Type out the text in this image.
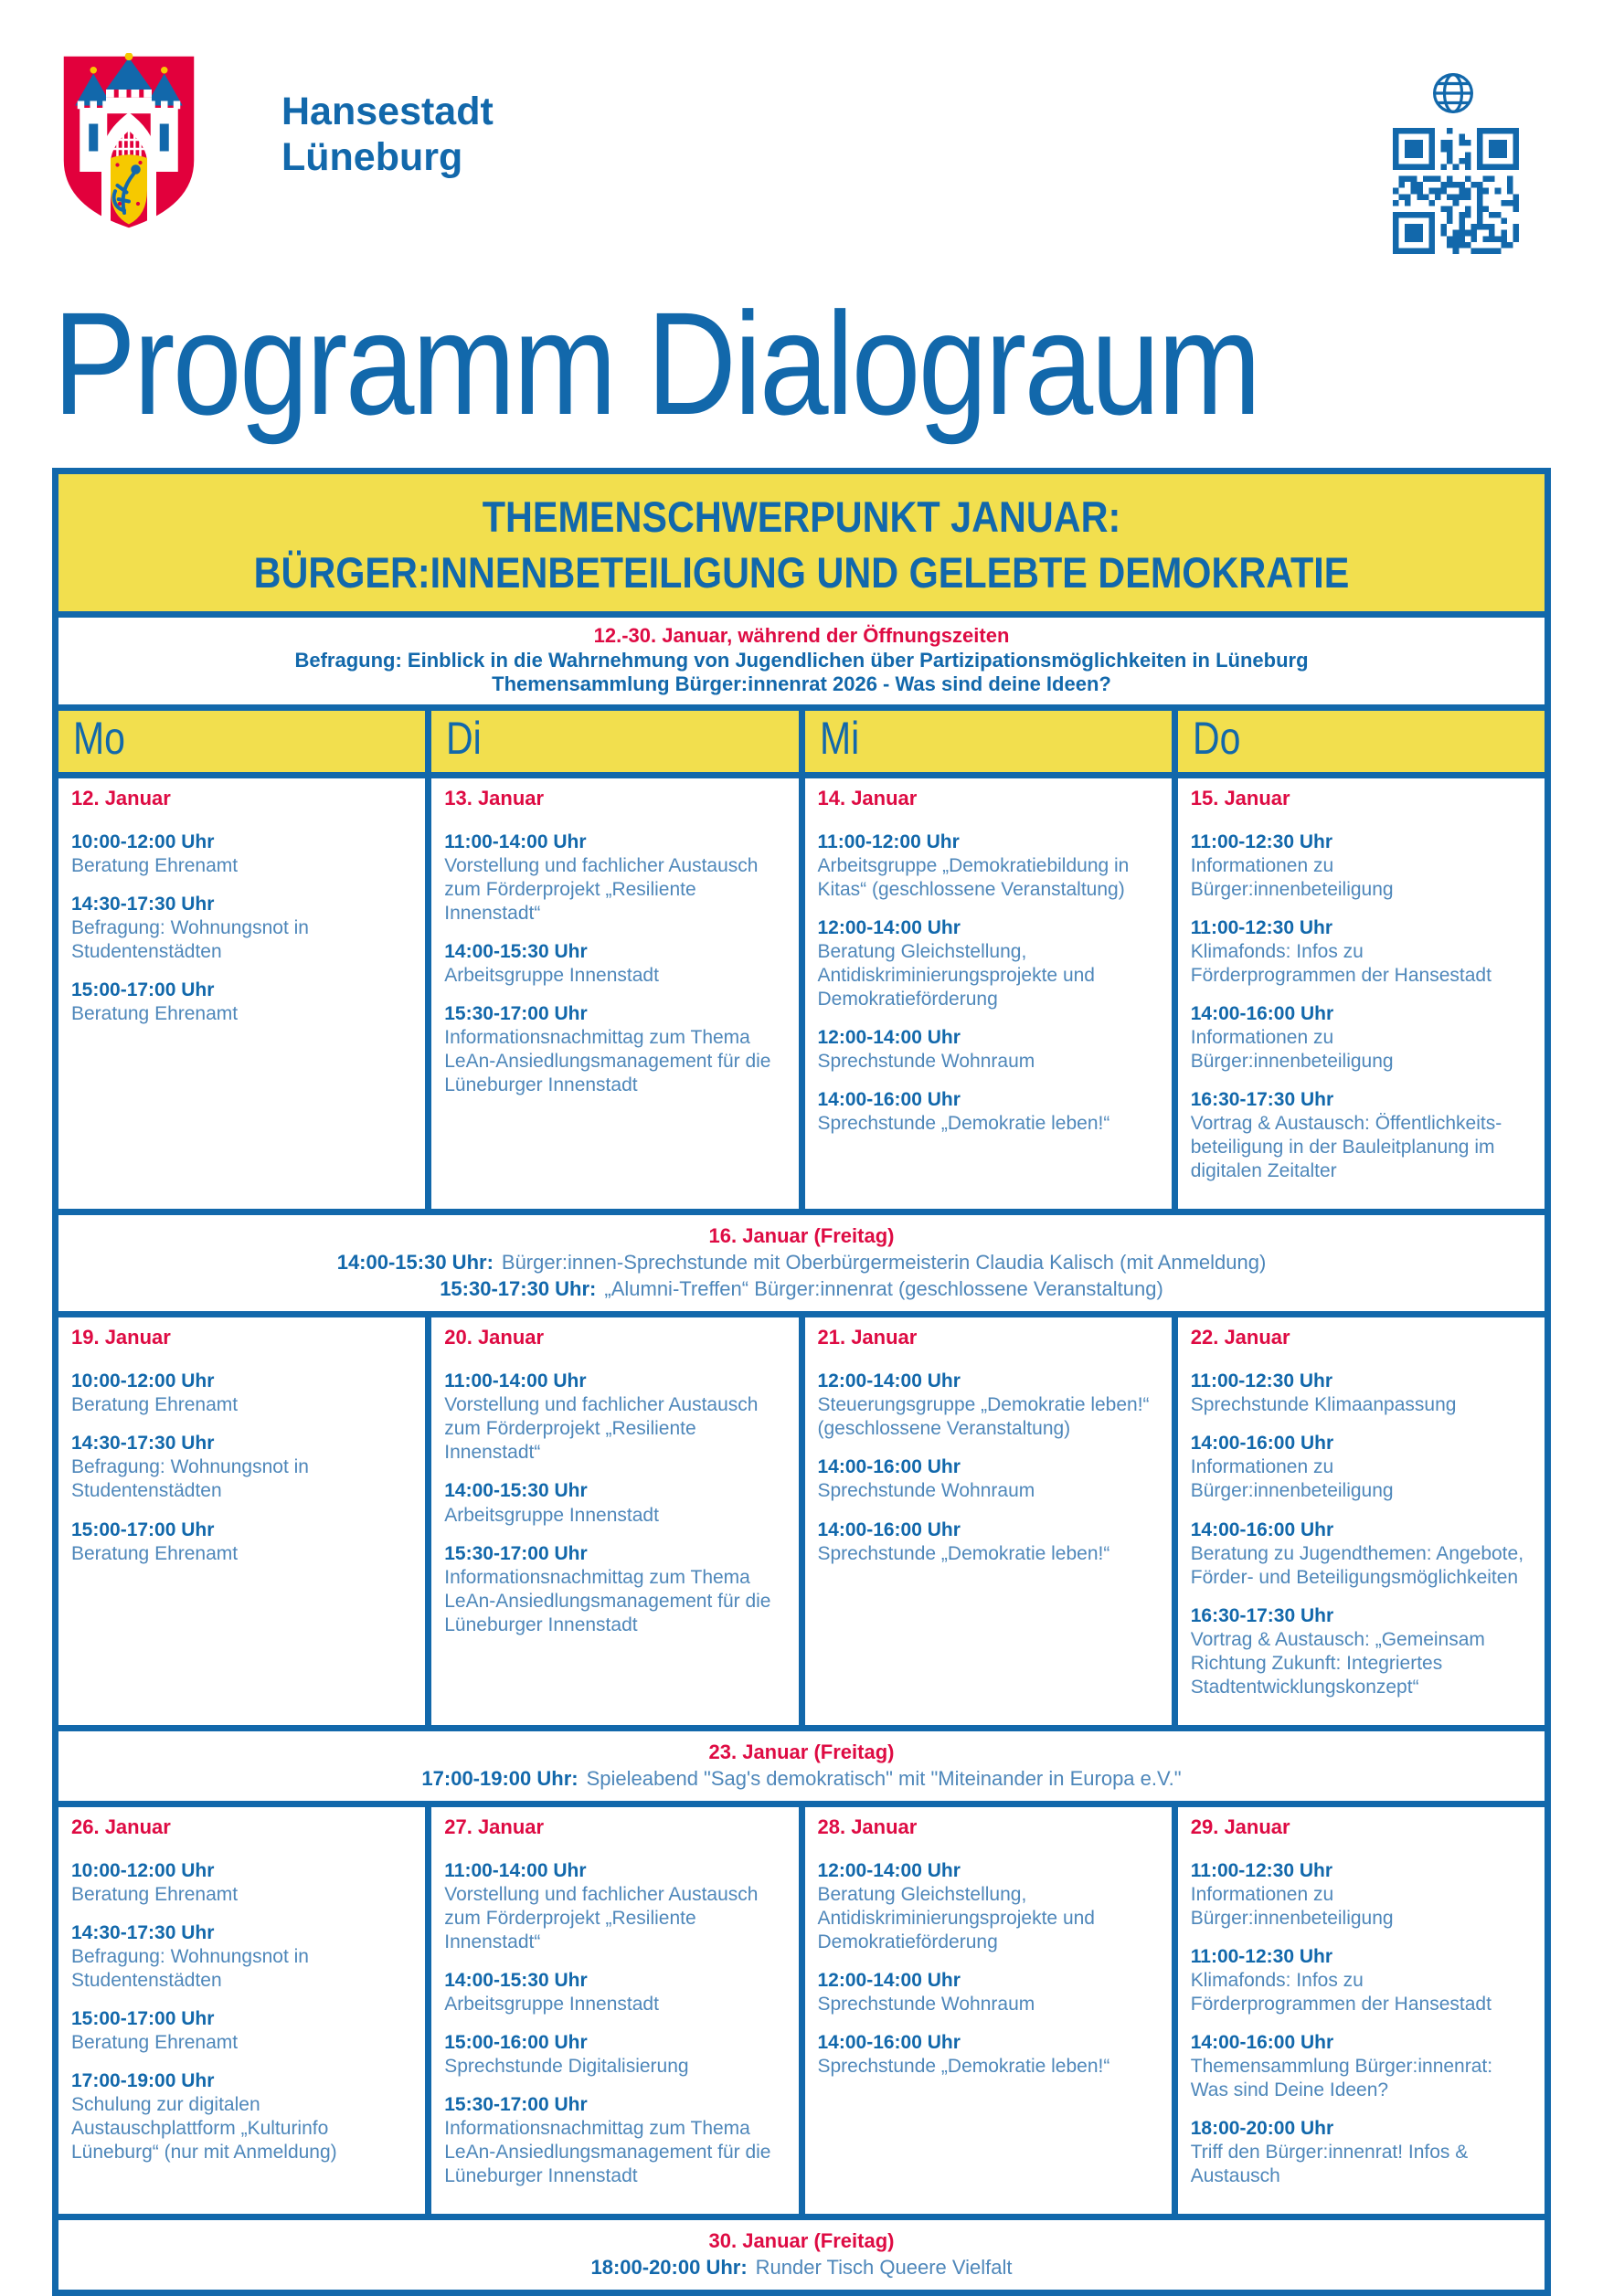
Hansestadt
Lüneburg
Programm Dialograum
THEMENSCHWERPUNKT JANUAR:
BÜRGER:INNENBETEILIGUNG UND GELEBTE DEMOKRATIE
12.-30. Januar, während der Öffnungszeiten
Befragung: Einblick in die Wahrnehmung von Jugendlichen über Partizipationsmöglichkeiten in Lüneburg
Themensammlung Bürger:innenrat 2026 - Was sind deine Ideen?
Mo	Di	Mi	Do
12. Januar
10:00-12:00 Uhr
Beratung Ehrenamt
14:30-17:30 Uhr
Befragung: Wohnungsnot in Studentenstädten
15:00-17:00 Uhr
Beratung Ehrenamt
13. Januar
11:00-14:00 Uhr
Vorstellung und fachlicher Austausch zum Förderprojekt „Resiliente Innenstadt“
14:00-15:30 Uhr
Arbeitsgruppe Innenstadt
15:30-17:00 Uhr
Informationsnachmittag zum Thema LeAn-Ansiedlungsmanagement für die Lüneburger Innenstadt
14. Januar
11:00-12:00 Uhr
Arbeitsgruppe „Demokratiebildung in Kitas“ (geschlossene Veranstaltung)
12:00-14:00 Uhr
Beratung Gleichstellung, Antidiskriminierungsprojekte und Demokratieförderung
12:00-14:00 Uhr
Sprechstunde Wohnraum
14:00-16:00 Uhr
Sprechstunde „Demokratie leben!“
15. Januar
11:00-12:30 Uhr
Informationen zu Bürger:innenbeteiligung
11:00-12:30 Uhr
Klimafonds: Infos zu Förderprogrammen der Hansestadt
14:00-16:00 Uhr
Informationen zu Bürger:innenbeteiligung
16:30-17:30 Uhr
Vortrag & Austausch: Öffentlichkeits-beteiligung in der Bauleitplanung im digitalen Zeitalter
16. Januar (Freitag)
14:00-15:30 Uhr: Bürger:innen-Sprechstunde mit Oberbürgermeisterin Claudia Kalisch (mit Anmeldung)
15:30-17:30 Uhr: „Alumni-Treffen“ Bürger:innenrat (geschlossene Veranstaltung)
19. Januar
10:00-12:00 Uhr
Beratung Ehrenamt
14:30-17:30 Uhr
Befragung: Wohnungsnot in Studentenstädten
15:00-17:00 Uhr
Beratung Ehrenamt
20. Januar
11:00-14:00 Uhr
Vorstellung und fachlicher Austausch zum Förderprojekt „Resiliente Innenstadt“
14:00-15:30 Uhr
Arbeitsgruppe Innenstadt
15:30-17:00 Uhr
Informationsnachmittag zum Thema LeAn-Ansiedlungsmanagement für die Lüneburger Innenstadt
21. Januar
12:00-14:00 Uhr
Steuerungsgruppe „Demokratie leben!“ (geschlossene Veranstaltung)
14:00-16:00 Uhr
Sprechstunde Wohnraum
14:00-16:00 Uhr
Sprechstunde „Demokratie leben!“
22. Januar
11:00-12:30 Uhr
Sprechstunde Klimaanpassung
14:00-16:00 Uhr
Informationen zu Bürger:innenbeteiligung
14:00-16:00 Uhr
Beratung zu Jugendthemen: Angebote, Förder- und Beteiligungsmöglichkeiten
16:30-17:30 Uhr
Vortrag & Austausch: „Gemeinsam Richtung Zukunft: Integriertes Stadtentwicklungskonzept“
23. Januar (Freitag)
17:00-19:00 Uhr: Spieleabend "Sag's demokratisch" mit "Miteinander in Europa e.V."
26. Januar
10:00-12:00 Uhr
Beratung Ehrenamt
14:30-17:30 Uhr
Befragung: Wohnungsnot in Studentenstädten
15:00-17:00 Uhr
Beratung Ehrenamt
17:00-19:00 Uhr
Schulung zur digitalen Austauschplattform „Kulturinfo Lüneburg“ (nur mit Anmeldung)
27. Januar
11:00-14:00 Uhr
Vorstellung und fachlicher Austausch zum Förderprojekt „Resiliente Innenstadt“
14:00-15:30 Uhr
Arbeitsgruppe Innenstadt
15:00-16:00 Uhr
Sprechstunde Digitalisierung
15:30-17:00 Uhr
Informationsnachmittag zum Thema LeAn-Ansiedlungsmanagement für die Lüneburger Innenstadt
28. Januar
12:00-14:00 Uhr
Beratung Gleichstellung, Antidiskriminierungsprojekte und Demokratieförderung
12:00-14:00 Uhr
Sprechstunde Wohnraum
14:00-16:00 Uhr
Sprechstunde „Demokratie leben!“
29. Januar
11:00-12:30 Uhr
Informationen zu Bürger:innenbeteiligung
11:00-12:30 Uhr
Klimafonds: Infos zu Förderprogrammen der Hansestadt
14:00-16:00 Uhr
Themensammlung Bürger:innenrat: Was sind Deine Ideen?
18:00-20:00 Uhr
Triff den Bürger:innenrat! Infos & Austausch
30. Januar (Freitag)
18:00-20:00 Uhr: Runder Tisch Queere Vielfalt
